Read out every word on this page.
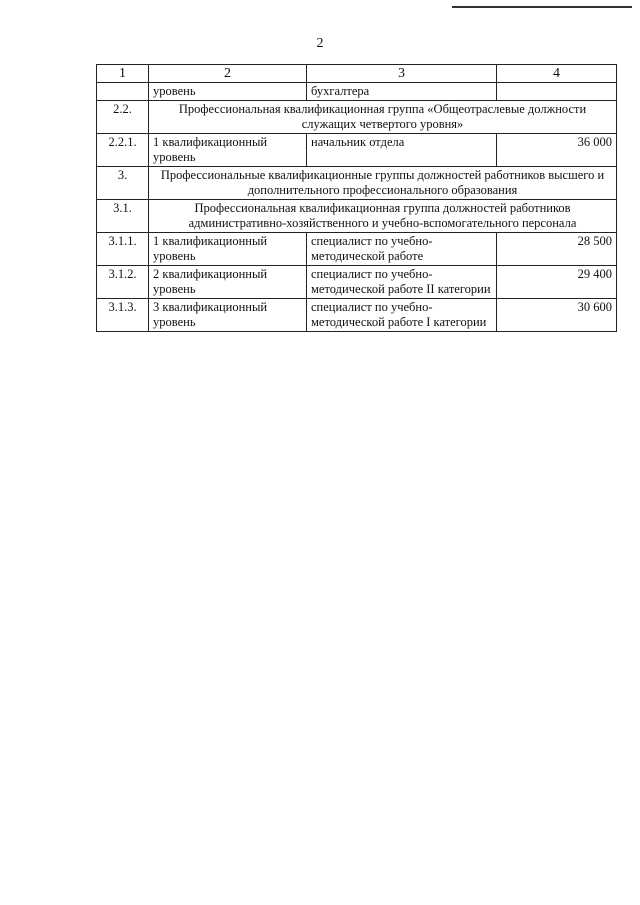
2
1	2	3	4
	уровень	бухгалтера	
2.2.	Профессиональная квалификационная группа «Общеотраслевые должности служащих четвертого уровня»		
2.2.1.	1 квалификационный уровень	начальник отдела	36 000
3.	Профессиональные квалификационные группы должностей работников высшего и дополнительного профессионального образования		
3.1.	Профессиональная квалификационная группа должностей работников административно-хозяйственного и учебно-вспомогательного персонала		
3.1.1.	1 квалификационный уровень	специалист по учебно-методической работе	28 500
3.1.2.	2 квалификационный уровень	специалист по учебно-методической работе II категории	29 400
3.1.3.	3 квалификационный уровень	специалист по учебно-методической работе I категории	30 600
